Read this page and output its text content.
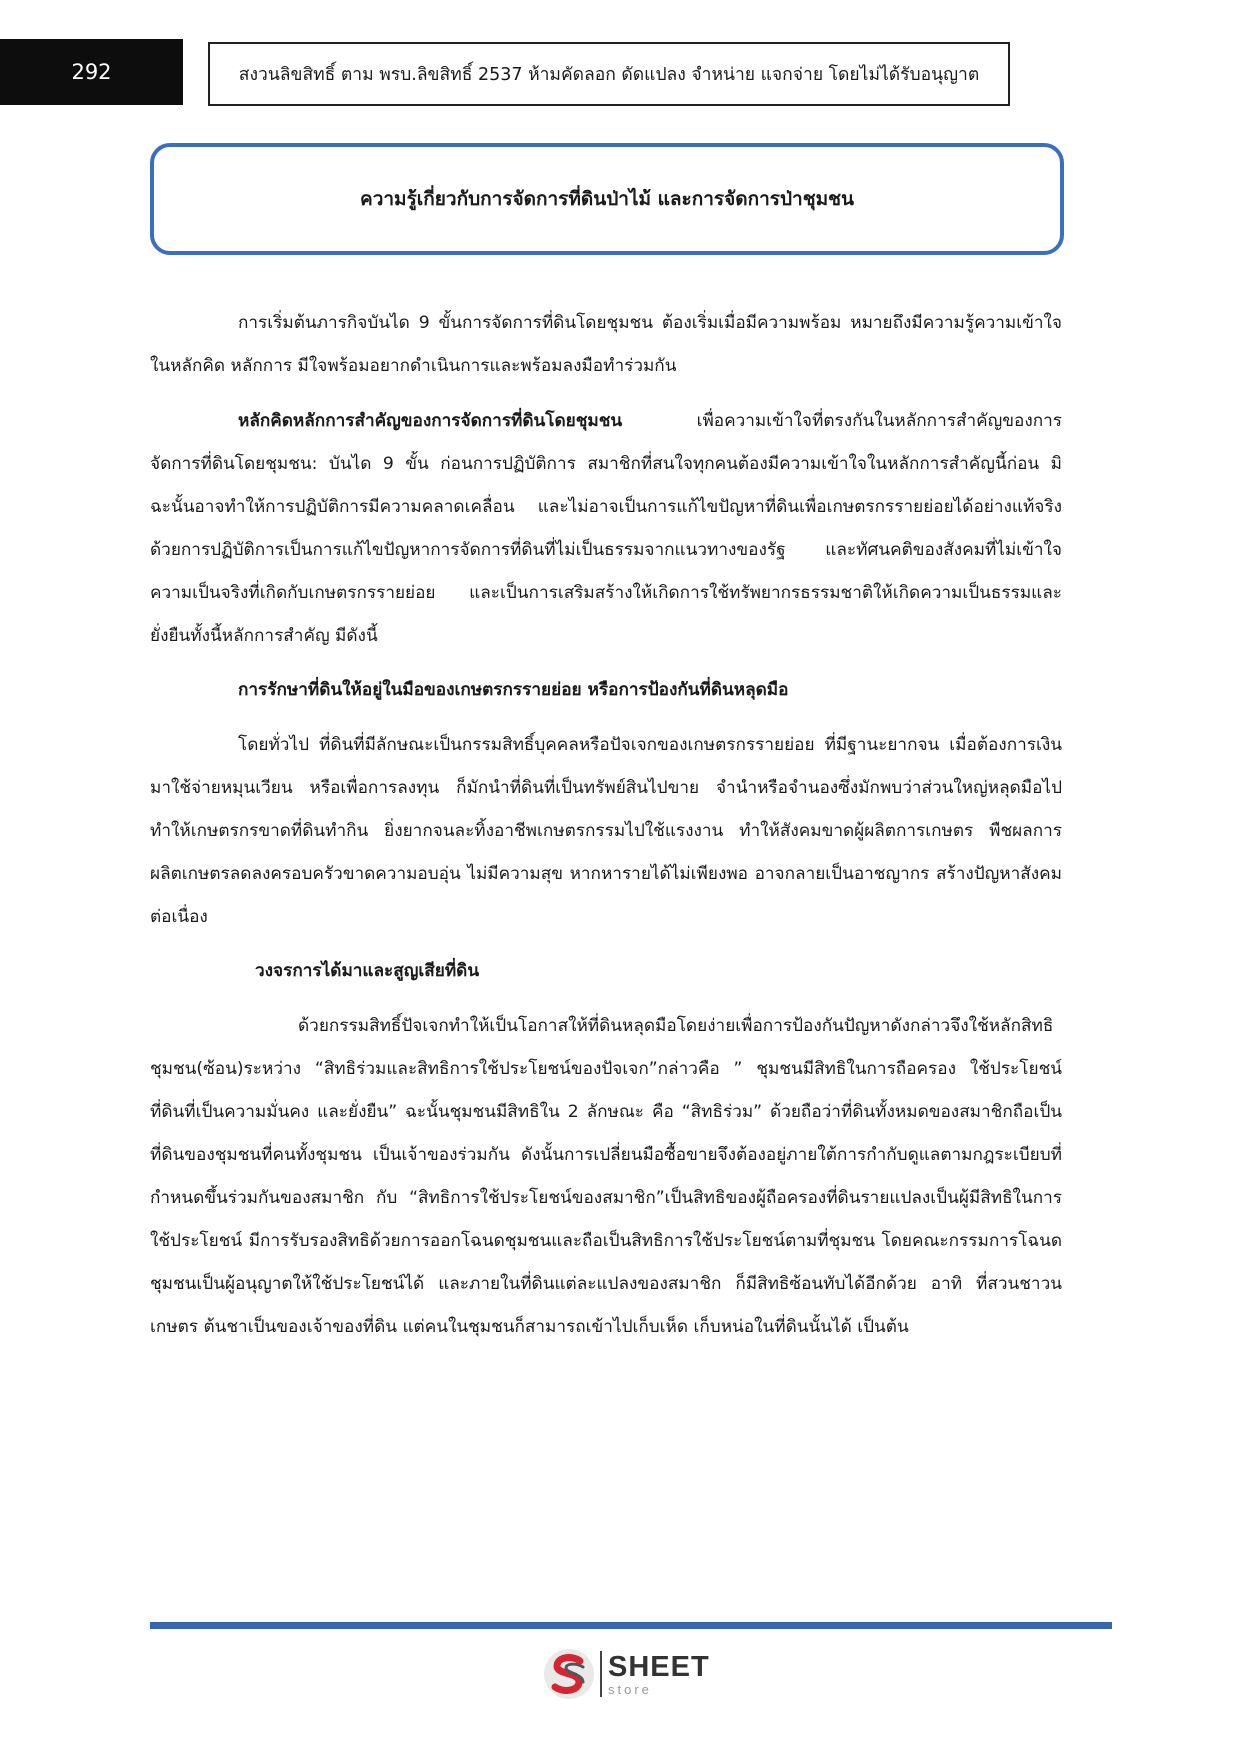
292	สงวนลิขสิทธิ์ ตาม พรบ.ลิขสิทธิ์ 2537 ห้ามคัดลอก ดัดแปลง จำหน่าย แจกจ่าย โดยไม่ได้รับอนุญาต
ความรู้เกี่ยวกับการจัดการที่ดินป่าไม้ และการจัดการป่าชุมชน

การเริ่มต้นภารกิจบันได 9 ขั้นการจัดการที่ดินโดยชุมชน ต้องเริ่มเมื่อมีความพร้อม หมายถึงมีความรู้ความเข้าใจในหลักคิด หลักการ มีใจพร้อมอยากดำเนินการและพร้อมลงมือทำร่วมกัน

หลักคิดหลักการสำคัญของการจัดการที่ดินโดยชุมชน	เพื่อความเข้าใจที่ตรงกันในหลักการสำคัญของการจัดการที่ดินโดยชุมชน: บันได 9 ขั้น ก่อนการปฏิบัติการ สมาชิกที่สนใจทุกคนต้องมีความเข้าใจในหลักการสำคัญนี้ก่อน มิฉะนั้นอาจทำให้การปฏิบัติการมีความคลาดเคลื่อน และไม่อาจเป็นการแก้ไขปัญหาที่ดินเพื่อเกษตรกรรายย่อยได้อย่างแท้จริง ด้วยการปฏิบัติการเป็นการแก้ไขปัญหาการจัดการที่ดินที่ไม่เป็นธรรมจากแนวทางของรัฐ และทัศนคติของสังคมที่ไม่เข้าใจความเป็นจริงที่เกิดกับเกษตรกรรายย่อย และเป็นการเสริมสร้างให้เกิดการใช้ทรัพยากรธรรมชาติให้เกิดความเป็นธรรมและยั่งยืนทั้งนี้หลักการสำคัญ มีดังนี้

การรักษาที่ดินให้อยู่ในมือของเกษตรกรรายย่อย หรือการป้องกันที่ดินหลุดมือ

โดยทั่วไป ที่ดินที่มีลักษณะเป็นกรรมสิทธิ์บุคคลหรือปัจเจกของเกษตรกรรายย่อย ที่มีฐานะยากจน เมื่อต้องการเงินมาใช้จ่ายหมุนเวียน หรือเพื่อการลงทุน ก็มักนำที่ดินที่เป็นทรัพย์สินไปขาย จำนำหรือจำนองซึ่งมักพบว่าส่วนใหญ่หลุดมือไป ทำให้เกษตรกรขาดที่ดินทำกิน ยิ่งยากจนละทิ้งอาชีพเกษตรกรรมไปใช้แรงงาน ทำให้สังคมขาดผู้ผลิตการเกษตร พืชผลการผลิตเกษตรลดลงครอบครัวขาดความอบอุ่น ไม่มีความสุข หากหารายได้ไม่เพียงพอ อาจกลายเป็นอาชญากร สร้างปัญหาสังคมต่อเนื่อง

วงจรการได้มาและสูญเสียที่ดิน

ด้วยกรรมสิทธิ์ปัจเจกทำให้เป็นโอกาสให้ที่ดินหลุดมือโดยง่ายเพื่อการป้องกันปัญหาดังกล่าวจึงใช้หลักสิทธิชุมชน(ซ้อน)ระหว่าง “สิทธิร่วมและสิทธิการใช้ประโยชน์ของปัจเจก”กล่าวคือ ” ชุมชนมีสิทธิในการถือครอง ใช้ประโยชน์ที่ดินที่เป็นความมั่นคง และยั่งยืน” ฉะนั้นชุมชนมีสิทธิใน 2 ลักษณะ คือ “สิทธิร่วม” ด้วยถือว่าที่ดินทั้งหมดของสมาชิกถือเป็นที่ดินของชุมชนที่คนทั้งชุมชน เป็นเจ้าของร่วมกัน ดังนั้นการเปลี่ยนมือซื้อขายจึงต้องอยู่ภายใต้การกำกับดูแลตามกฎระเบียบที่กำหนดขึ้นร่วมกันของสมาชิก กับ “สิทธิการใช้ประโยชน์ของสมาชิก”เป็นสิทธิของผู้ถือครองที่ดินรายแปลงเป็นผู้มีสิทธิในการใช้ประโยชน์ มีการรับรองสิทธิด้วยการออกโฉนดชุมชนและถือเป็นสิทธิการใช้ประโยชน์ตามที่ชุมชน โดยคณะกรรมการโฉนดชุมชนเป็นผู้อนุญาตให้ใช้ประโยชน์ได้ และภายในที่ดินแต่ละแปลงของสมาชิก ก็มีสิทธิซ้อนทับได้อีกด้วย อาทิ ที่สวนชาวนเกษตร ต้นชาเป็นของเจ้าของที่ดิน แต่คนในชุมชนก็สามารถเข้าไปเก็บเห็ด เก็บหน่อในที่ดินนั้นได้ เป็นต้น

SHEET
store
